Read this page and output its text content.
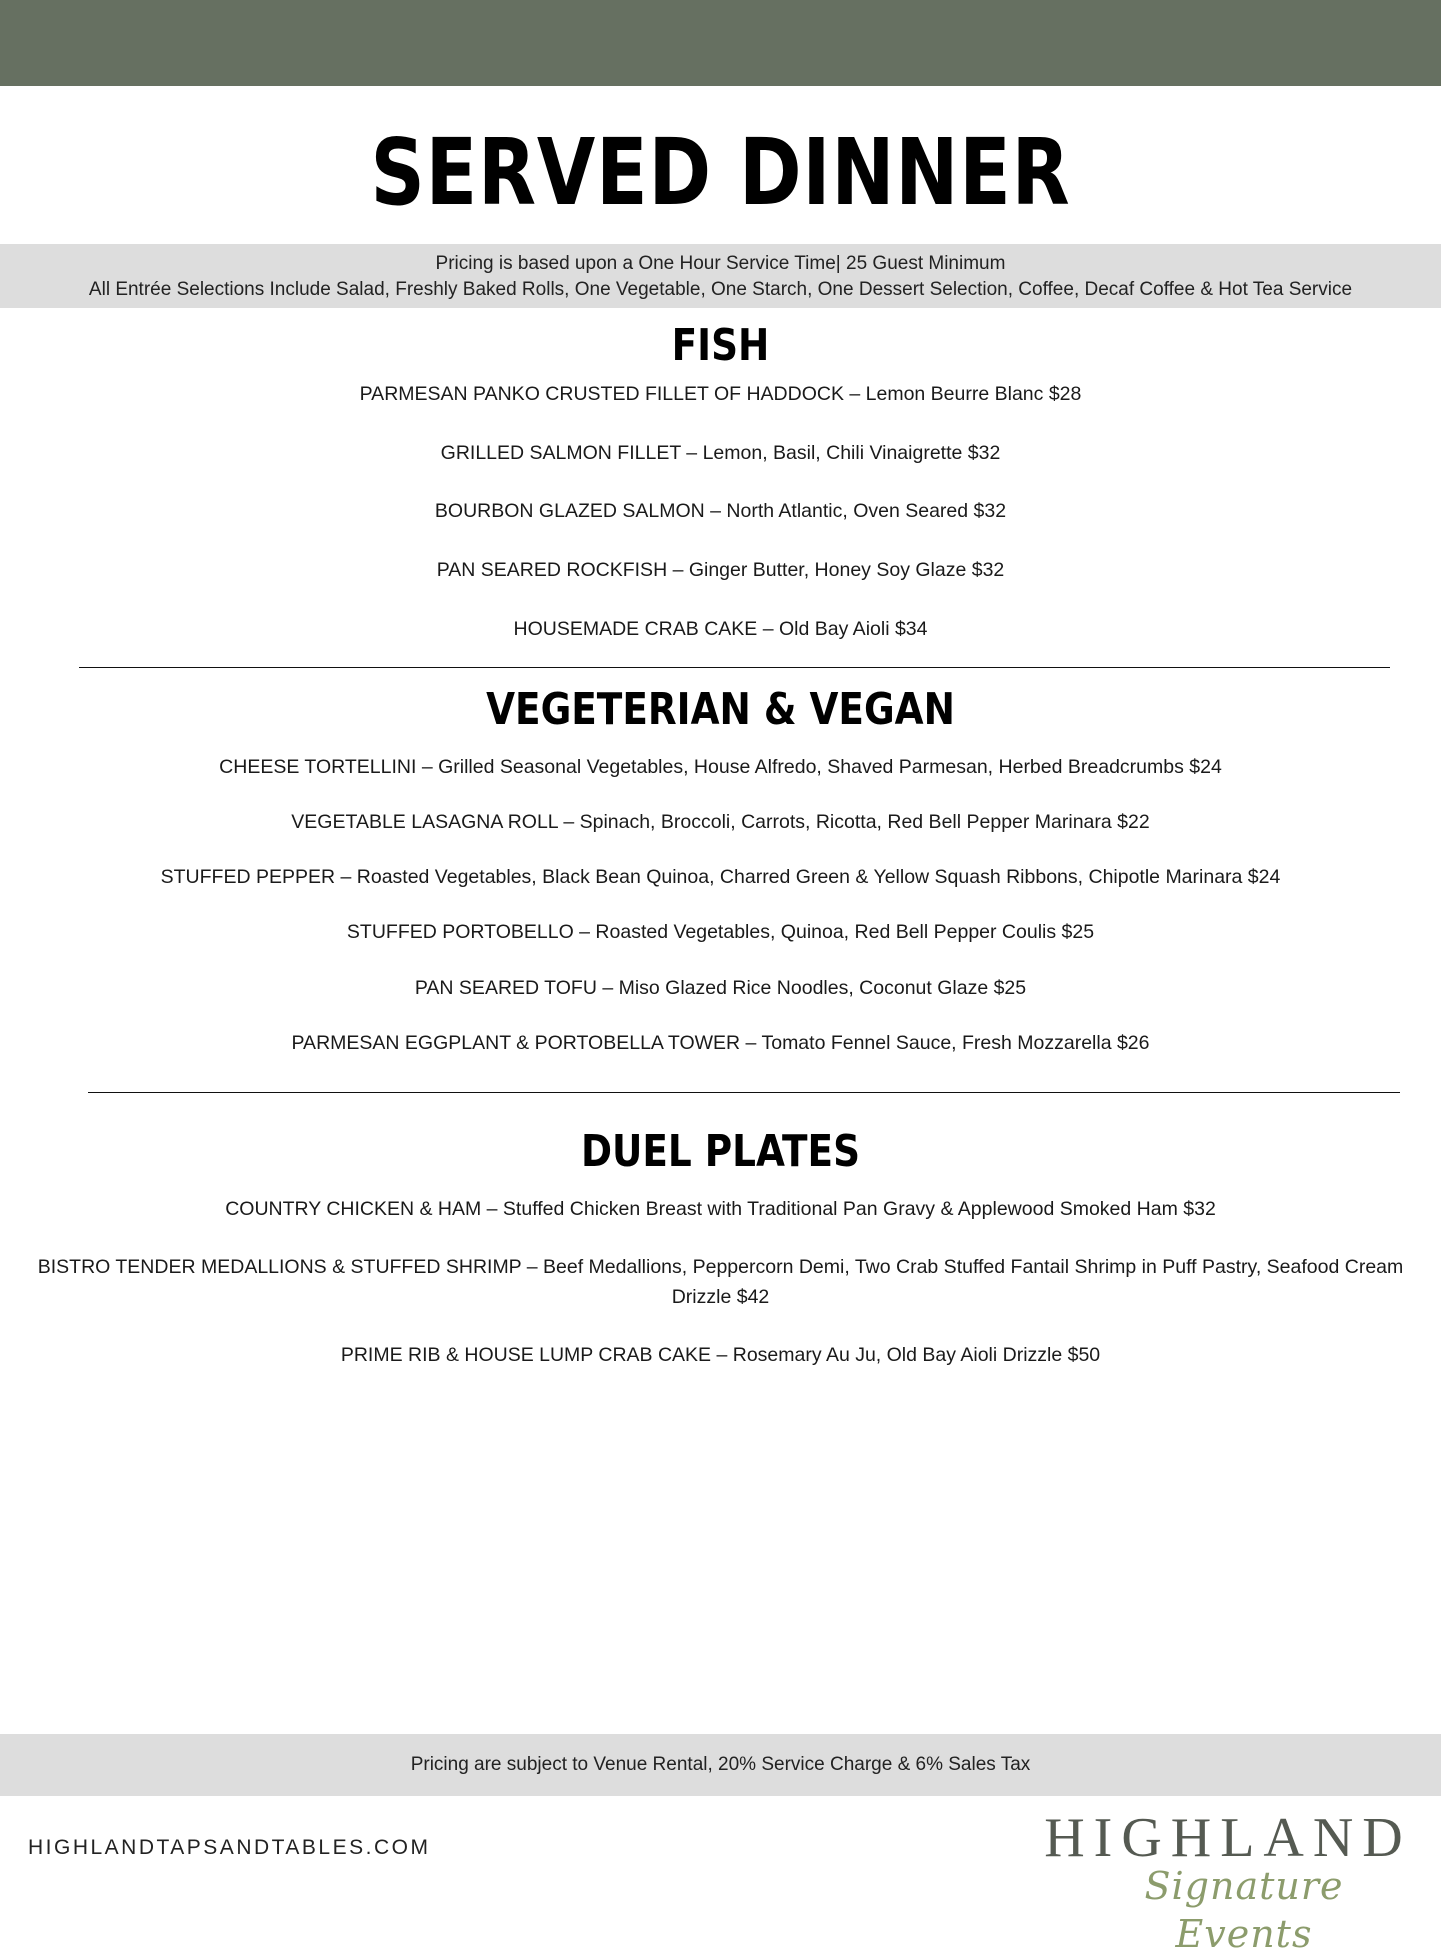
SERVED DINNER
Pricing is based upon a One Hour Service Time| 25 Guest Minimum
All Entrée Selections Include Salad, Freshly Baked Rolls, One Vegetable, One Starch, One Dessert Selection, Coffee, Decaf Coffee & Hot Tea Service
FISH
PARMESAN PANKO CRUSTED FILLET OF HADDOCK – Lemon Beurre Blanc $28
GRILLED SALMON FILLET – Lemon, Basil, Chili Vinaigrette $32
BOURBON GLAZED SALMON – North Atlantic, Oven Seared $32
PAN SEARED ROCKFISH – Ginger Butter, Honey Soy Glaze $32
HOUSEMADE CRAB CAKE – Old Bay Aioli $34
VEGETERIAN & VEGAN
CHEESE TORTELLINI – Grilled Seasonal Vegetables, House Alfredo, Shaved Parmesan, Herbed Breadcrumbs $24
VEGETABLE LASAGNA ROLL – Spinach, Broccoli, Carrots, Ricotta, Red Bell Pepper Marinara $22
STUFFED PEPPER – Roasted Vegetables, Black Bean Quinoa, Charred Green & Yellow Squash Ribbons, Chipotle Marinara $24
STUFFED PORTOBELLO – Roasted Vegetables, Quinoa, Red Bell Pepper Coulis $25
PAN SEARED TOFU – Miso Glazed Rice Noodles, Coconut Glaze $25
PARMESAN EGGPLANT & PORTOBELLA TOWER – Tomato Fennel Sauce, Fresh Mozzarella $26
DUEL PLATES
COUNTRY CHICKEN & HAM – Stuffed Chicken Breast with Traditional Pan Gravy & Applewood Smoked Ham $32
BISTRO TENDER MEDALLIONS & STUFFED SHRIMP – Beef Medallions, Peppercorn Demi, Two Crab Stuffed Fantail Shrimp in Puff Pastry, Seafood Cream Drizzle $42
PRIME RIB & HOUSE LUMP CRAB CAKE – Rosemary Au Ju, Old Bay Aioli Drizzle $50
Pricing are subject to Venue Rental, 20% Service Charge & 6% Sales Tax
HIGHLANDTAPSANDTABLES.COM	HIGHLAND
Signature Events
